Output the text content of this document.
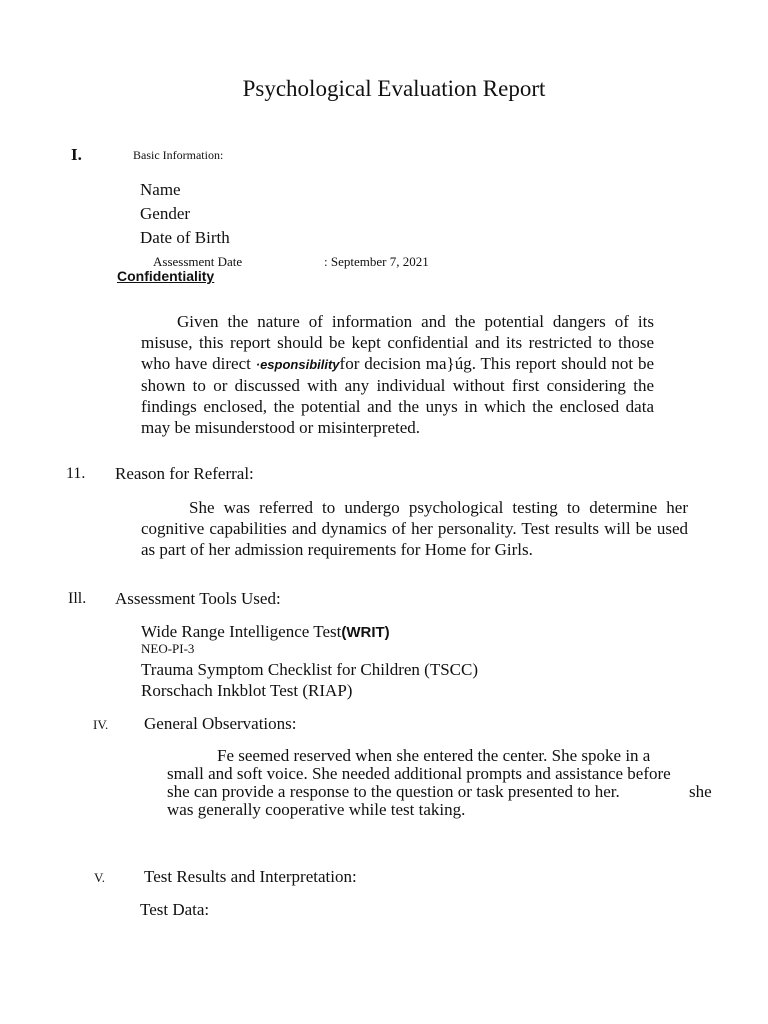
Psychological Evaluation Report
I.	Basic Information:
Name
Gender
Date of Birth
Assessment Date	: September 7, 2021
Confidentiality
Given the nature of information and the potential dangers of its misuse, this report should be kept confidential and its restricted to those who have direct ·esponsibilityfor decision ma}úg. This report should not be shown to or discussed with any individual without first considering the findings enclosed, the potential and the unys in which the enclosed data may be misunderstood or misinterpreted.
11. Reason for Referral:
She was referred to undergo psychological testing to determine her cognitive capabilities and dynamics of her personality. Test results will be used as part of her admission requirements for Home for Girls.
Ill. Assessment Tools Used:
Wide Range Intelligence Test(WRIT)
NEO-PI-3
Trauma Symptom Checklist for Children (TSCC)
Rorschach Inkblot Test (RIAP)
IV. General Observations:
Fe seemed reserved when she entered the center. She spoke in a
small and soft voice. She needed additional prompts and assistance before
she can provide a response to the question or task presented to her.	she
was generally cooperative while test taking.
V. Test Results and Interpretation:
Test Data:
